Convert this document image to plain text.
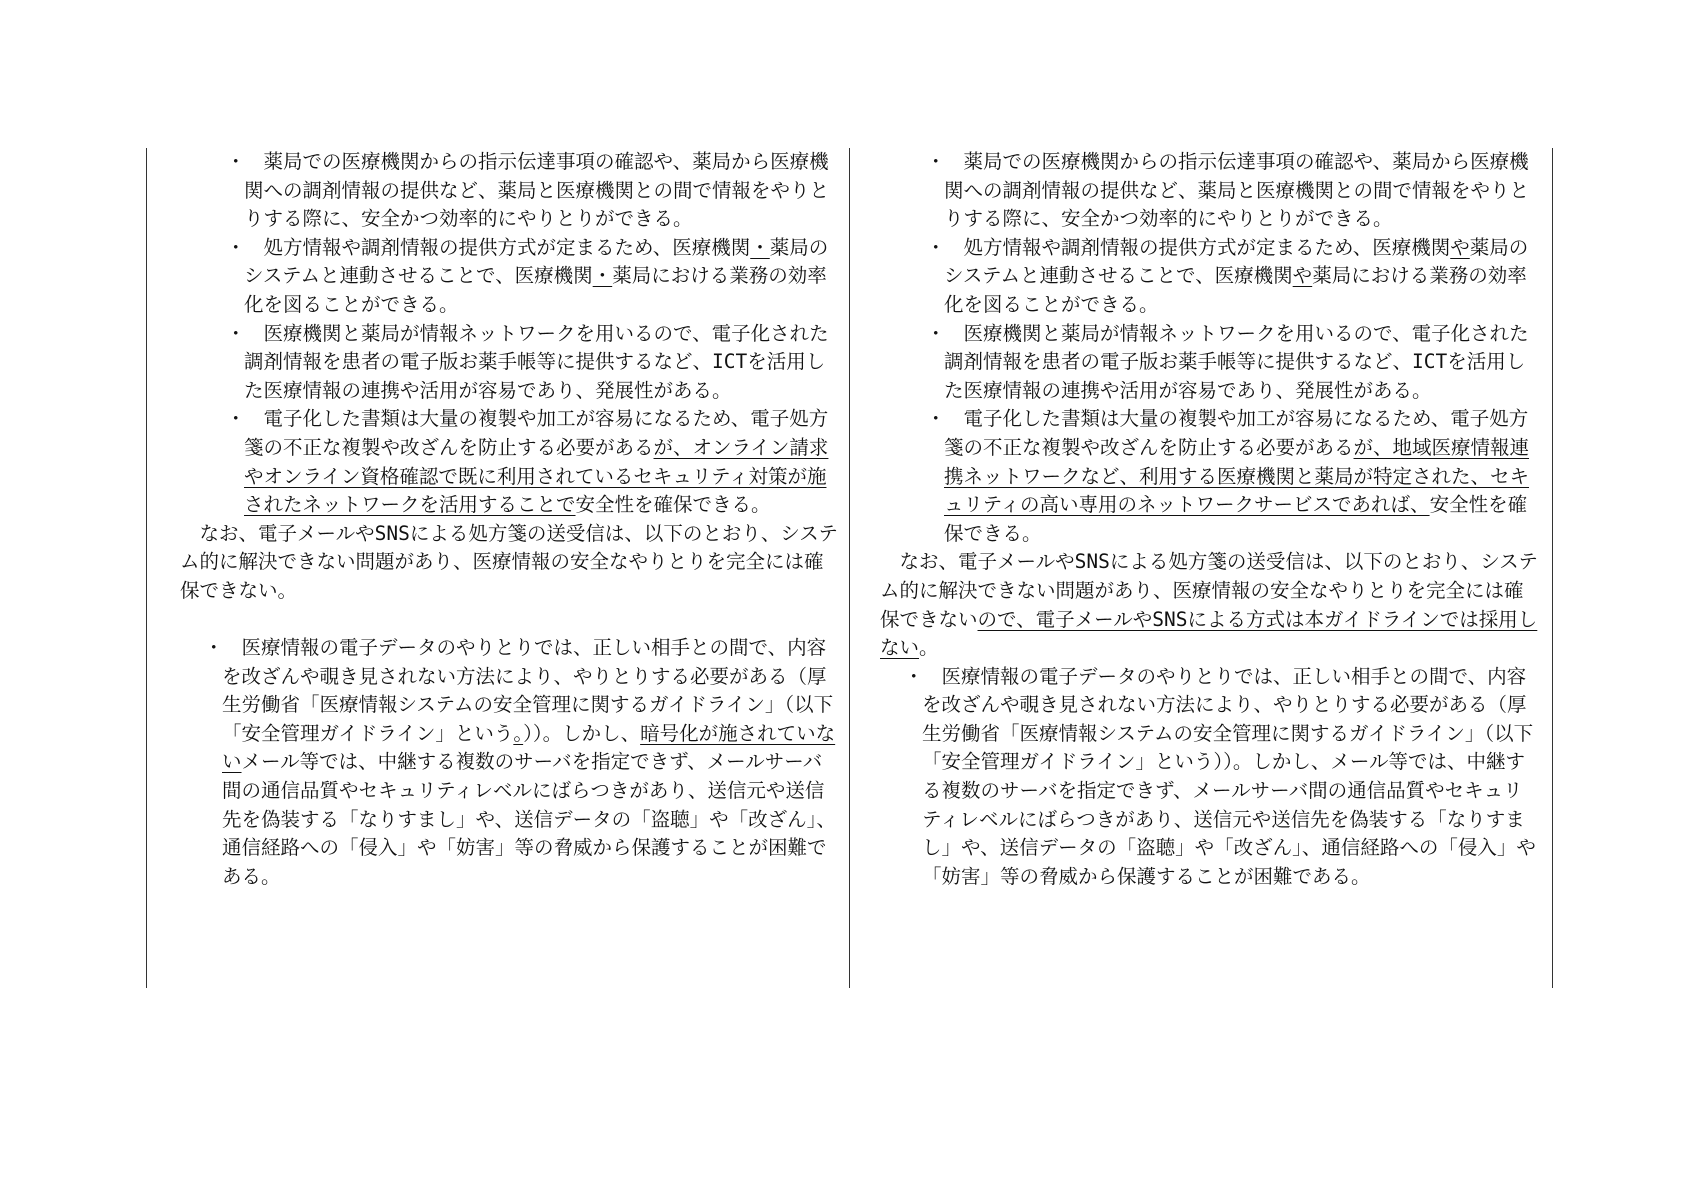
・
　薬局での医療機関からの指示伝達事項の確認や、薬局から医療機関への調剤情報の提供など、薬局と医療機関との間で情報をやりとりする際に、安全かつ効率的にやりとりができる。

・
　処方情報や調剤情報の提供方式が定まるため、医療機関・薬局のシステムと連動させることで、医療機関・薬局における業務の効率化を図ることができる。

・
　医療機関と薬局が情報ネットワークを用いるので、電子化された調剤情報を患者の電子版お薬手帳等に提供するなど、ICTを活用した医療情報の連携や活用が容易であり、発展性がある。

・
　電子化した書類は大量の複製や加工が容易になるため、電子処方箋の不正な複製や改ざんを防止する必要があるが、オンライン請求やオンライン資格確認で既に利用されているセキュリティ対策が施されたネットワークを活用することで安全性を確保できる。

なお、電子メールやSNSによる処方箋の送受信は、以下のとおり、システム的に解決できない問題があり、医療情報の安全なやりとりを完全には確保できない。

・
　医療情報の電子データのやりとりでは、正しい相手との間で、内容を改ざんや覗き見されない方法により、やりとりする必要がある（厚生労働省「医療情報システムの安全管理に関するガイドライン」（以下「安全管理ガイドライン」という。））。しかし、暗号化が施されていないメール等では、中継する複数のサーバを指定できず、メールサーバ間の通信品質やセキュリティレベルにばらつきがあり、送信元や送信先を偽装する「なりすまし」や、送信データの「盗聴」や「改ざん」、通信経路への「侵入」や「妨害」等の脅威から保護することが困難である。

・
　薬局での医療機関からの指示伝達事項の確認や、薬局から医療機関への調剤情報の提供など、薬局と医療機関との間で情報をやりとりする際に、安全かつ効率的にやりとりができる。

・
　処方情報や調剤情報の提供方式が定まるため、医療機関や薬局のシステムと連動させることで、医療機関や薬局における業務の効率化を図ることができる。

・
　医療機関と薬局が情報ネットワークを用いるので、電子化された調剤情報を患者の電子版お薬手帳等に提供するなど、ICTを活用した医療情報の連携や活用が容易であり、発展性がある。

・
　電子化した書類は大量の複製や加工が容易になるため、電子処方箋の不正な複製や改ざんを防止する必要があるが、地域医療情報連携ネットワークなど、利用する医療機関と薬局が特定された、セキュリティの高い専用のネットワークサービスであれば、安全性を確保できる。

なお、電子メールやSNSによる処方箋の送受信は、以下のとおり、システム的に解決できない問題があり、医療情報の安全なやりとりを完全には確保できないので、電子メールやSNSによる方式は本ガイドラインでは採用しない。

・
　医療情報の電子データのやりとりでは、正しい相手との間で、内容を改ざんや覗き見されない方法により、やりとりする必要がある（厚生労働省「医療情報システムの安全管理に関するガイドライン」（以下「安全管理ガイドライン」という））。しかし、メール等では、中継する複数のサーバを指定できず、メールサーバ間の通信品質やセキュリティレベルにばらつきがあり、送信元や送信先を偽装する「なりすまし」や、送信データの「盗聴」や「改ざん」、通信経路への「侵入」や「妨害」等の脅威から保護することが困難である。
